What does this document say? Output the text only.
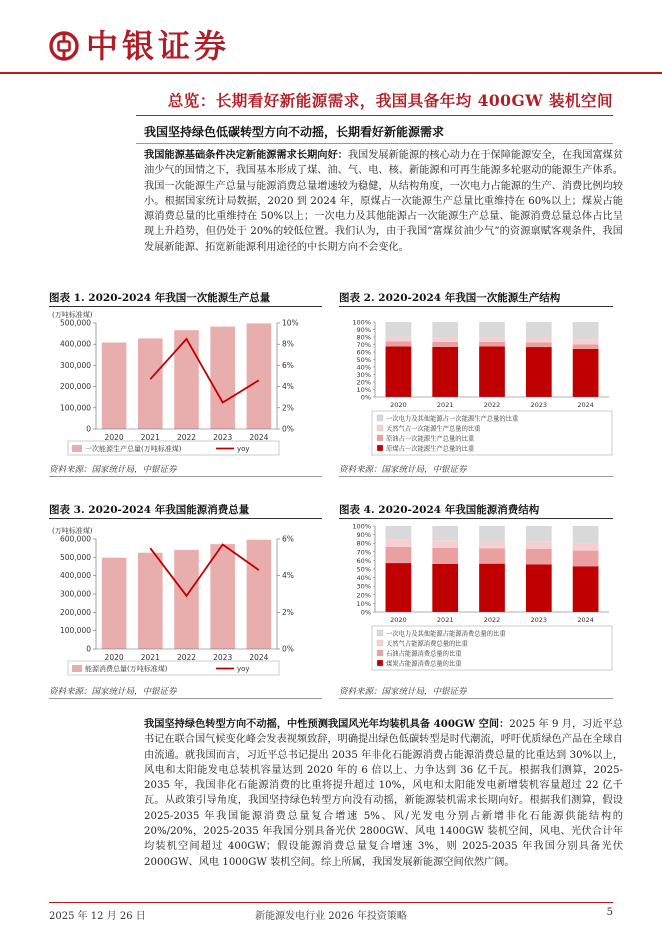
中银证券
总览：长期看好新能源需求，我国具备年均 400GW 装机空间
我国坚持绿色低碳转型方向不动摇，长期看好新能源需求
我国能源基础条件决定新能源需求长期向好：我国发展新能源的核心动力在于保障能源安全，在我国富煤贫油少气的国情之下，我国基本形成了煤、油、气、电、核、新能源和可再生能源多轮驱动的能源生产体系。我国一次能源生产总量与能源消费总量增速较为稳健，从结构角度，一次电力占能源的生产、消费比例均较小。根据国家统计局数据，2020 到 2024 年，原煤占一次能源生产总量比重维持在 60%以上；煤炭占能源消费总量的比重维持在 50%以上；一次电力及其他能源占一次能源生产总量、能源消费总量总体占比呈现上升趋势，但仍处于 20%的较低位置。我们认为，由于我国“富煤贫油少气”的资源禀赋客观条件，我国发展新能源、拓宽新能源利用途径的中长期方向不会变化。
图表 1. 2020-2024 年我国一次能源生产总量
(万吨标准煤)
500,000
400,000
300,000
200,000
100,000
0
10%
8%
6%
4%
2%
0%
2020 2021 2022 2023 2024
一次能源生产总量(万吨标准煤)	yoy
资料来源：国家统计局，中银证券
图表 2. 2020-2024 年我国一次能源生产结构
100%
90%
80%
70%
60%
50%
40%
30%
20%
10%
0%
2020	2021	2022	2023	2024
一次电力及其他能源占一次能源生产总量的比重
天然气占一次能源生产总量的比重
原油占一次能源生产总量的比重
原煤占一次能源生产总量的比重
资料来源：国家统计局，中银证券
图表 3. 2020-2024 年我国能源消费总量
(万吨标准煤)
600,000
500,000
400,000
300,000
200,000
100,000
0
6%
4%
2%
0%
2020 2021 2022 2023 2024
能源消费总量(万吨标准煤)	yoy
资料来源：国家统计局，中银证券
图表 4. 2020-2024 年我国能源消费结构
100%
90%
80%
70%
60%
50%
40%
30%
20%
10%
0%
2020	2021	2022	2023	2024
一次电力及其他能源占能源消费总量的比重
天然气占能源消费总量的比重
石油占能源消费总量的比重
煤炭占能源消费总量的比重
资料来源：国家统计局，中银证券
我国坚持绿色转型方向不动摇，中性预测我国风光年均装机具备 400GW 空间：2025 年 9 月，习近平总书记在联合国气候变化峰会发表视频致辞，明确提出绿色低碳转型是时代潮流，呼吁优质绿色产品在全球自由流通。就我国而言，习近平总书记提出 2035 年非化石能源消费占能源消费总量的比重达到 30%以上，风电和太阳能发电总装机容量达到 2020 年的 6 倍以上、力争达到 36 亿千瓦。根据我们测算，2025-2035 年，我国非化石能源消费的比重将提升超过 10%，风电和太阳能发电新增装机容量超过 22 亿千瓦。从政策引导角度，我国坚持绿色转型方向没有动摇，新能源装机需求长期向好。根据我们测算，假设 2025-2035 年我国能源消费总量复合增速 5%、风/光发电分别占新增非化石能源供能结构的 20%/20%，2025-2035 年我国分别具备光伏 2800GW、风电 1400GW 装机空间，风电、光伏合计年均装机空间超过 400GW；假设能源消费总量复合增速 3%，则 2025-2035 年我国分别具备光伏 2000GW、风电 1000GW 装机空间。综上所属，我国发展新能源空间依然广阔。
2025 年 12 月 26 日	新能源发电行业 2026 年投资策略	5
